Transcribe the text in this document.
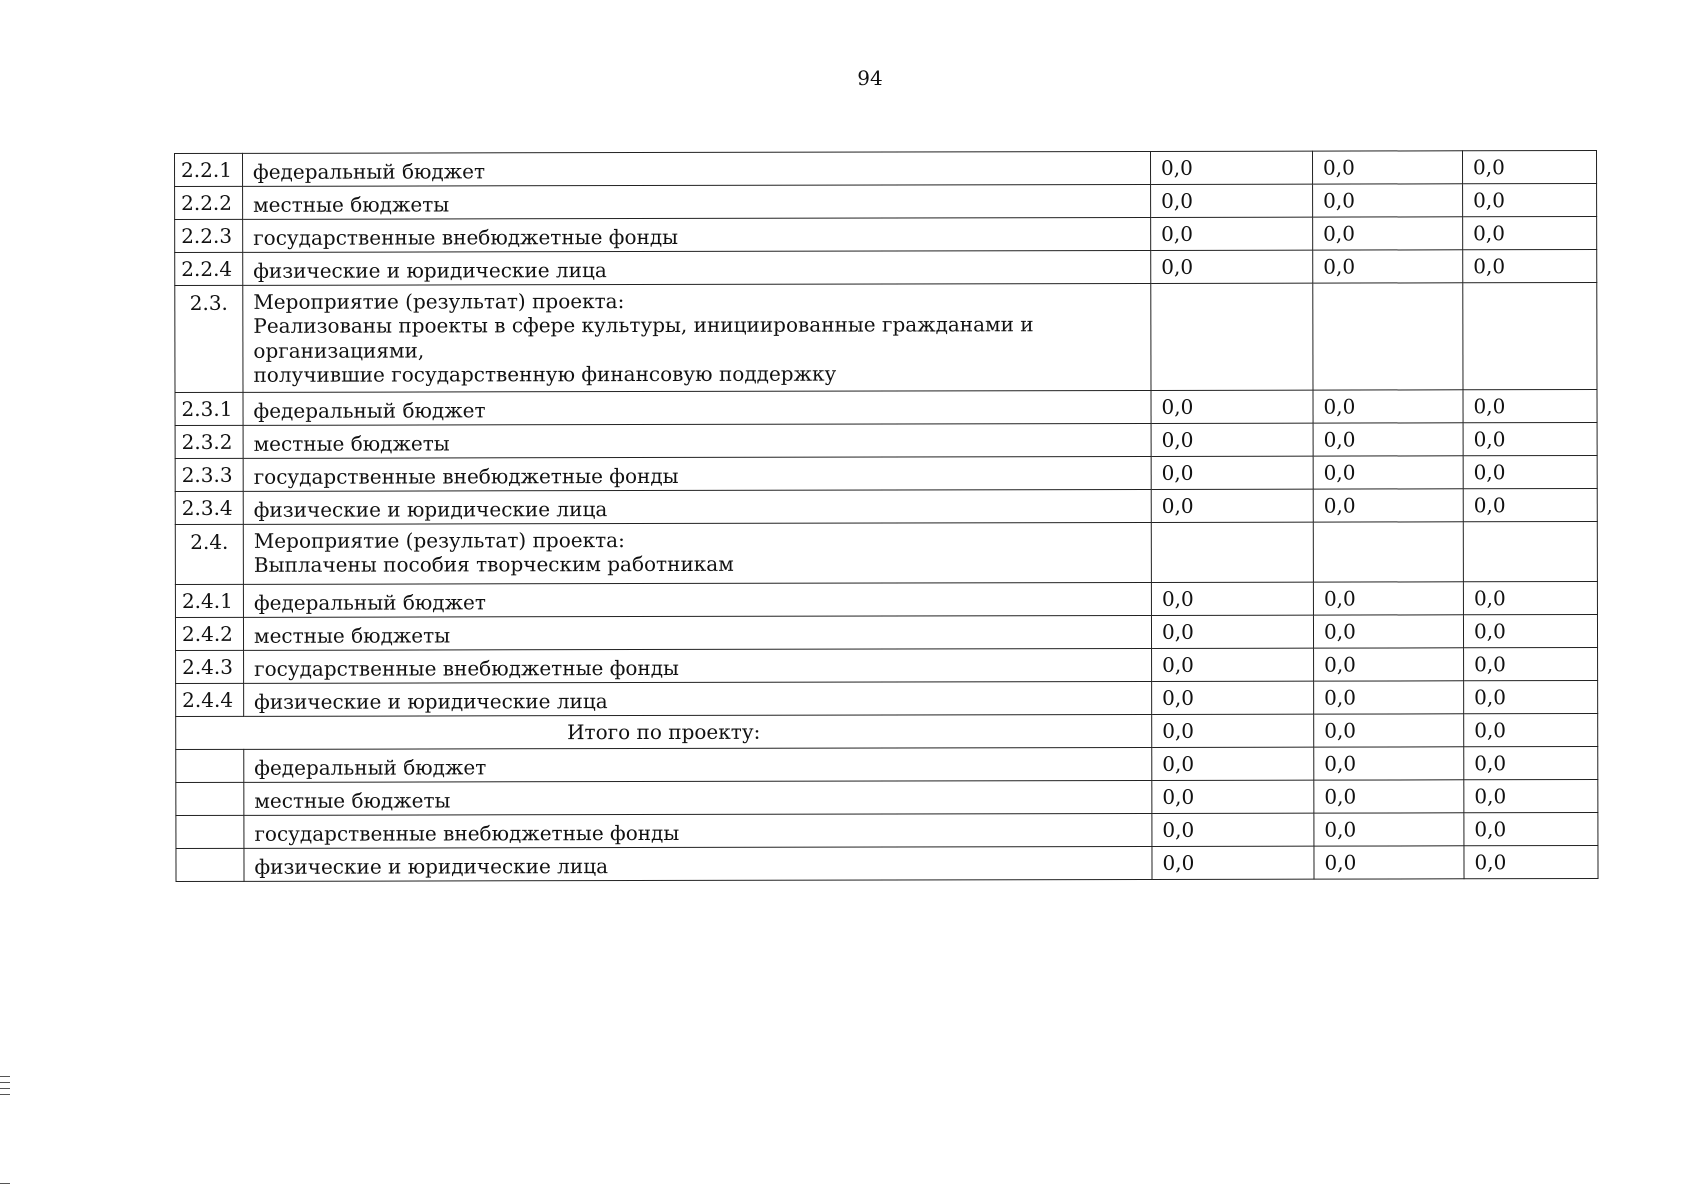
94
2.2.1	федеральный бюджет	0,0	0,0	0,0
2.2.2	местные бюджеты	0,0	0,0	0,0
2.2.3	государственные внебюджетные фонды	0,0	0,0	0,0
2.2.4	физические и юридические лица	0,0	0,0	0,0
2.3.	Мероприятие (результат) проекта:
Реализованы проекты в сфере культуры, инициированные гражданами и организациями,
получившие государственную финансовую поддержку			

2.3.1	федеральный бюджет	0,0	0,0	0,0
2.3.2	местные бюджеты	0,0	0,0	0,0
2.3.3	государственные внебюджетные фонды	0,0	0,0	0,0
2.3.4	физические и юридические лица	0,0	0,0	0,0
2.4.	Мероприятие (результат) проекта:
Выплачены пособия творческим работникам			

2.4.1	федеральный бюджет	0,0	0,0	0,0
2.4.2	местные бюджеты	0,0	0,0	0,0
2.4.3	государственные внебюджетные фонды	0,0	0,0	0,0
2.4.4	физические и юридические лица	0,0	0,0	0,0
Итого по проекту:		0,0	0,0	0,0
	федеральный бюджет	0,0	0,0	0,0
	местные бюджеты	0,0	0,0	0,0
	государственные внебюджетные фонды	0,0	0,0	0,0
	физические и юридические лица	0,0	0,0	0,0
